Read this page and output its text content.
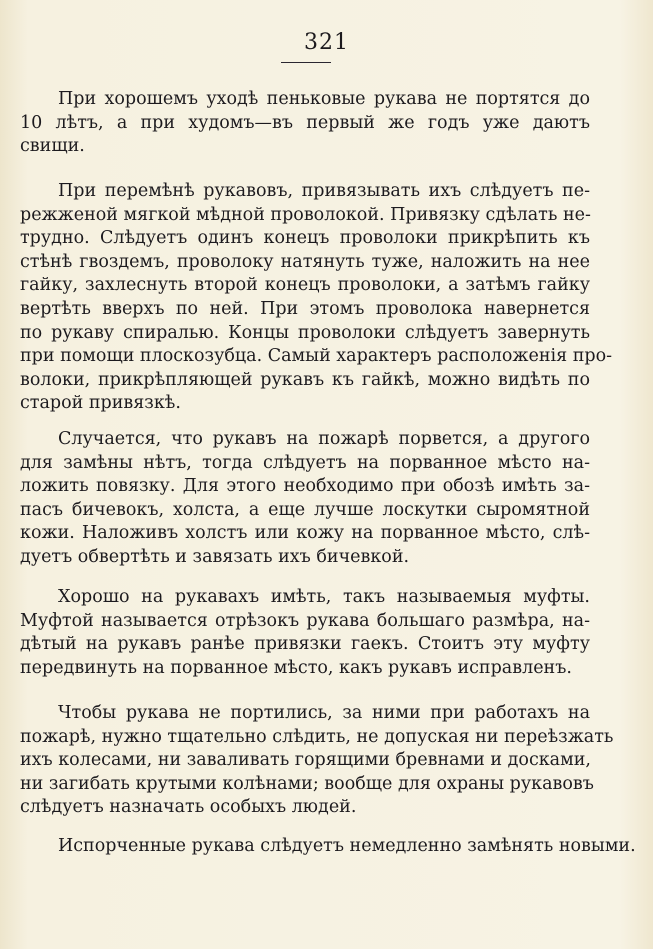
321
При хорошемъ уходѣ пеньковые рукава не портятся до
10 лѣтъ, а при худомъ—въ первый же годъ уже даютъ
свищи.
При перемѣнѣ рукавовъ, привязывать ихъ слѣдуетъ пе-
режженой мягкой мѣдной проволокой. Привязку сдѣлать не-
трудно. Слѣдуетъ одинъ конецъ проволоки прикрѣпить къ
стѣнѣ гвоздемъ, проволоку натянуть туже, наложить на нее
гайку, захлеснуть второй конецъ проволоки, а затѣмъ гайку
вертѣть вверхъ по ней. При этомъ проволока навернется
по рукаву спиралью. Концы проволоки слѣдуетъ завернуть
при помощи плоскозубца. Самый характеръ расположенія про-
волоки, прикрѣпляющей рукавъ къ гайкѣ, можно видѣть по
старой привязкѣ.
Случается, что рукавъ на пожарѣ порвется, а другого
для замѣны нѣтъ, тогда слѣдуетъ на порванное мѣсто на-
ложить повязку. Для этого необходимо при обозѣ имѣть за-
пасъ бичевокъ, холста, а еще лучше лоскутки сыромятной
кожи. Наложивъ холстъ или кожу на порванное мѣсто, слѣ-
дуетъ обвертѣть и завязать ихъ бичевкой.
Хорошо на рукавахъ имѣть, такъ называемыя муфты.
Муфтой называется отрѣзокъ рукава большаго размѣра, на-
дѣтый на рукавъ ранѣе привязки гаекъ. Стоитъ эту муфту
передвинуть на порванное мѣсто, какъ рукавъ исправленъ.
Чтобы рукава не портились, за ними при работахъ на
пожарѣ, нужно тщательно слѣдить, не допуская ни переѣзжать
ихъ колесами, ни заваливать горящими бревнами и досками,
ни загибать крутыми колѣнами; вообще для охраны рукавовъ
слѣдуетъ назначать особыхъ людей.
Испорченные рукава слѣдуетъ немедленно замѣнять новыми.
